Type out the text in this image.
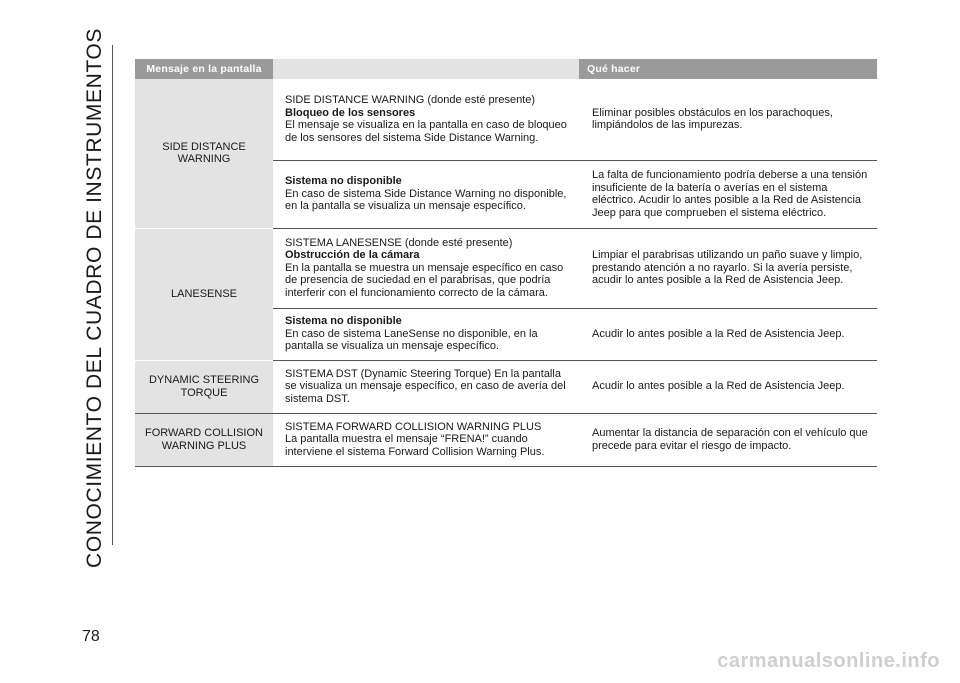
CONOCIMIENTO DEL CUADRO DE INSTRUMENTOS	Mensaje en la pantalla		Qué hacer
SIDE DISTANCE WARNING	SIDE DISTANCE WARNING (donde esté presente)
Bloqueo de los sensores
El mensaje se visualiza en la pantalla en caso de bloqueo de los sensores del sistema Side Distance Warning.	Eliminar posibles obstáculos en los parachoques, limpiándolos de las impurezas.
	Sistema no disponible
En caso de sistema Side Distance Warning no disponible, en la pantalla se visualiza un mensaje específico.	La falta de funcionamiento podría deberse a una tensión insuficiente de la batería o averías en el sistema eléctrico. Acudir lo antes posible a la Red de Asistencia Jeep para que comprueben el sistema eléctrico.
LANESENSE	SISTEMA LANESENSE (donde esté presente)
Obstrucción de la cámara
En la pantalla se muestra un mensaje específico en caso de presencia de suciedad en el parabrisas, que podría interferir con el funcionamiento correcto de la cámara.	Limpiar el parabrisas utilizando un paño suave y limpio, prestando atención a no rayarlo. Si la avería persiste, acudir lo antes posible a la Red de Asistencia Jeep.
	Sistema no disponible
En caso de sistema LaneSense no disponible, en la pantalla se visualiza un mensaje específico.	Acudir lo antes posible a la Red de Asistencia Jeep.
DYNAMIC STEERING TORQUE	SISTEMA DST (Dynamic Steering Torque) En la pantalla se visualiza un mensaje específico, en caso de avería del sistema DST.	Acudir lo antes posible a la Red de Asistencia Jeep.
FORWARD COLLISION WARNING PLUS	SISTEMA FORWARD COLLISION WARNING PLUS
La pantalla muestra el mensaje “FRENA!” cuando interviene el sistema Forward Collision Warning Plus.	Aumentar la distancia de separación con el vehículo que precede para evitar el riesgo de impacto.
78
carmanualsonline.info
